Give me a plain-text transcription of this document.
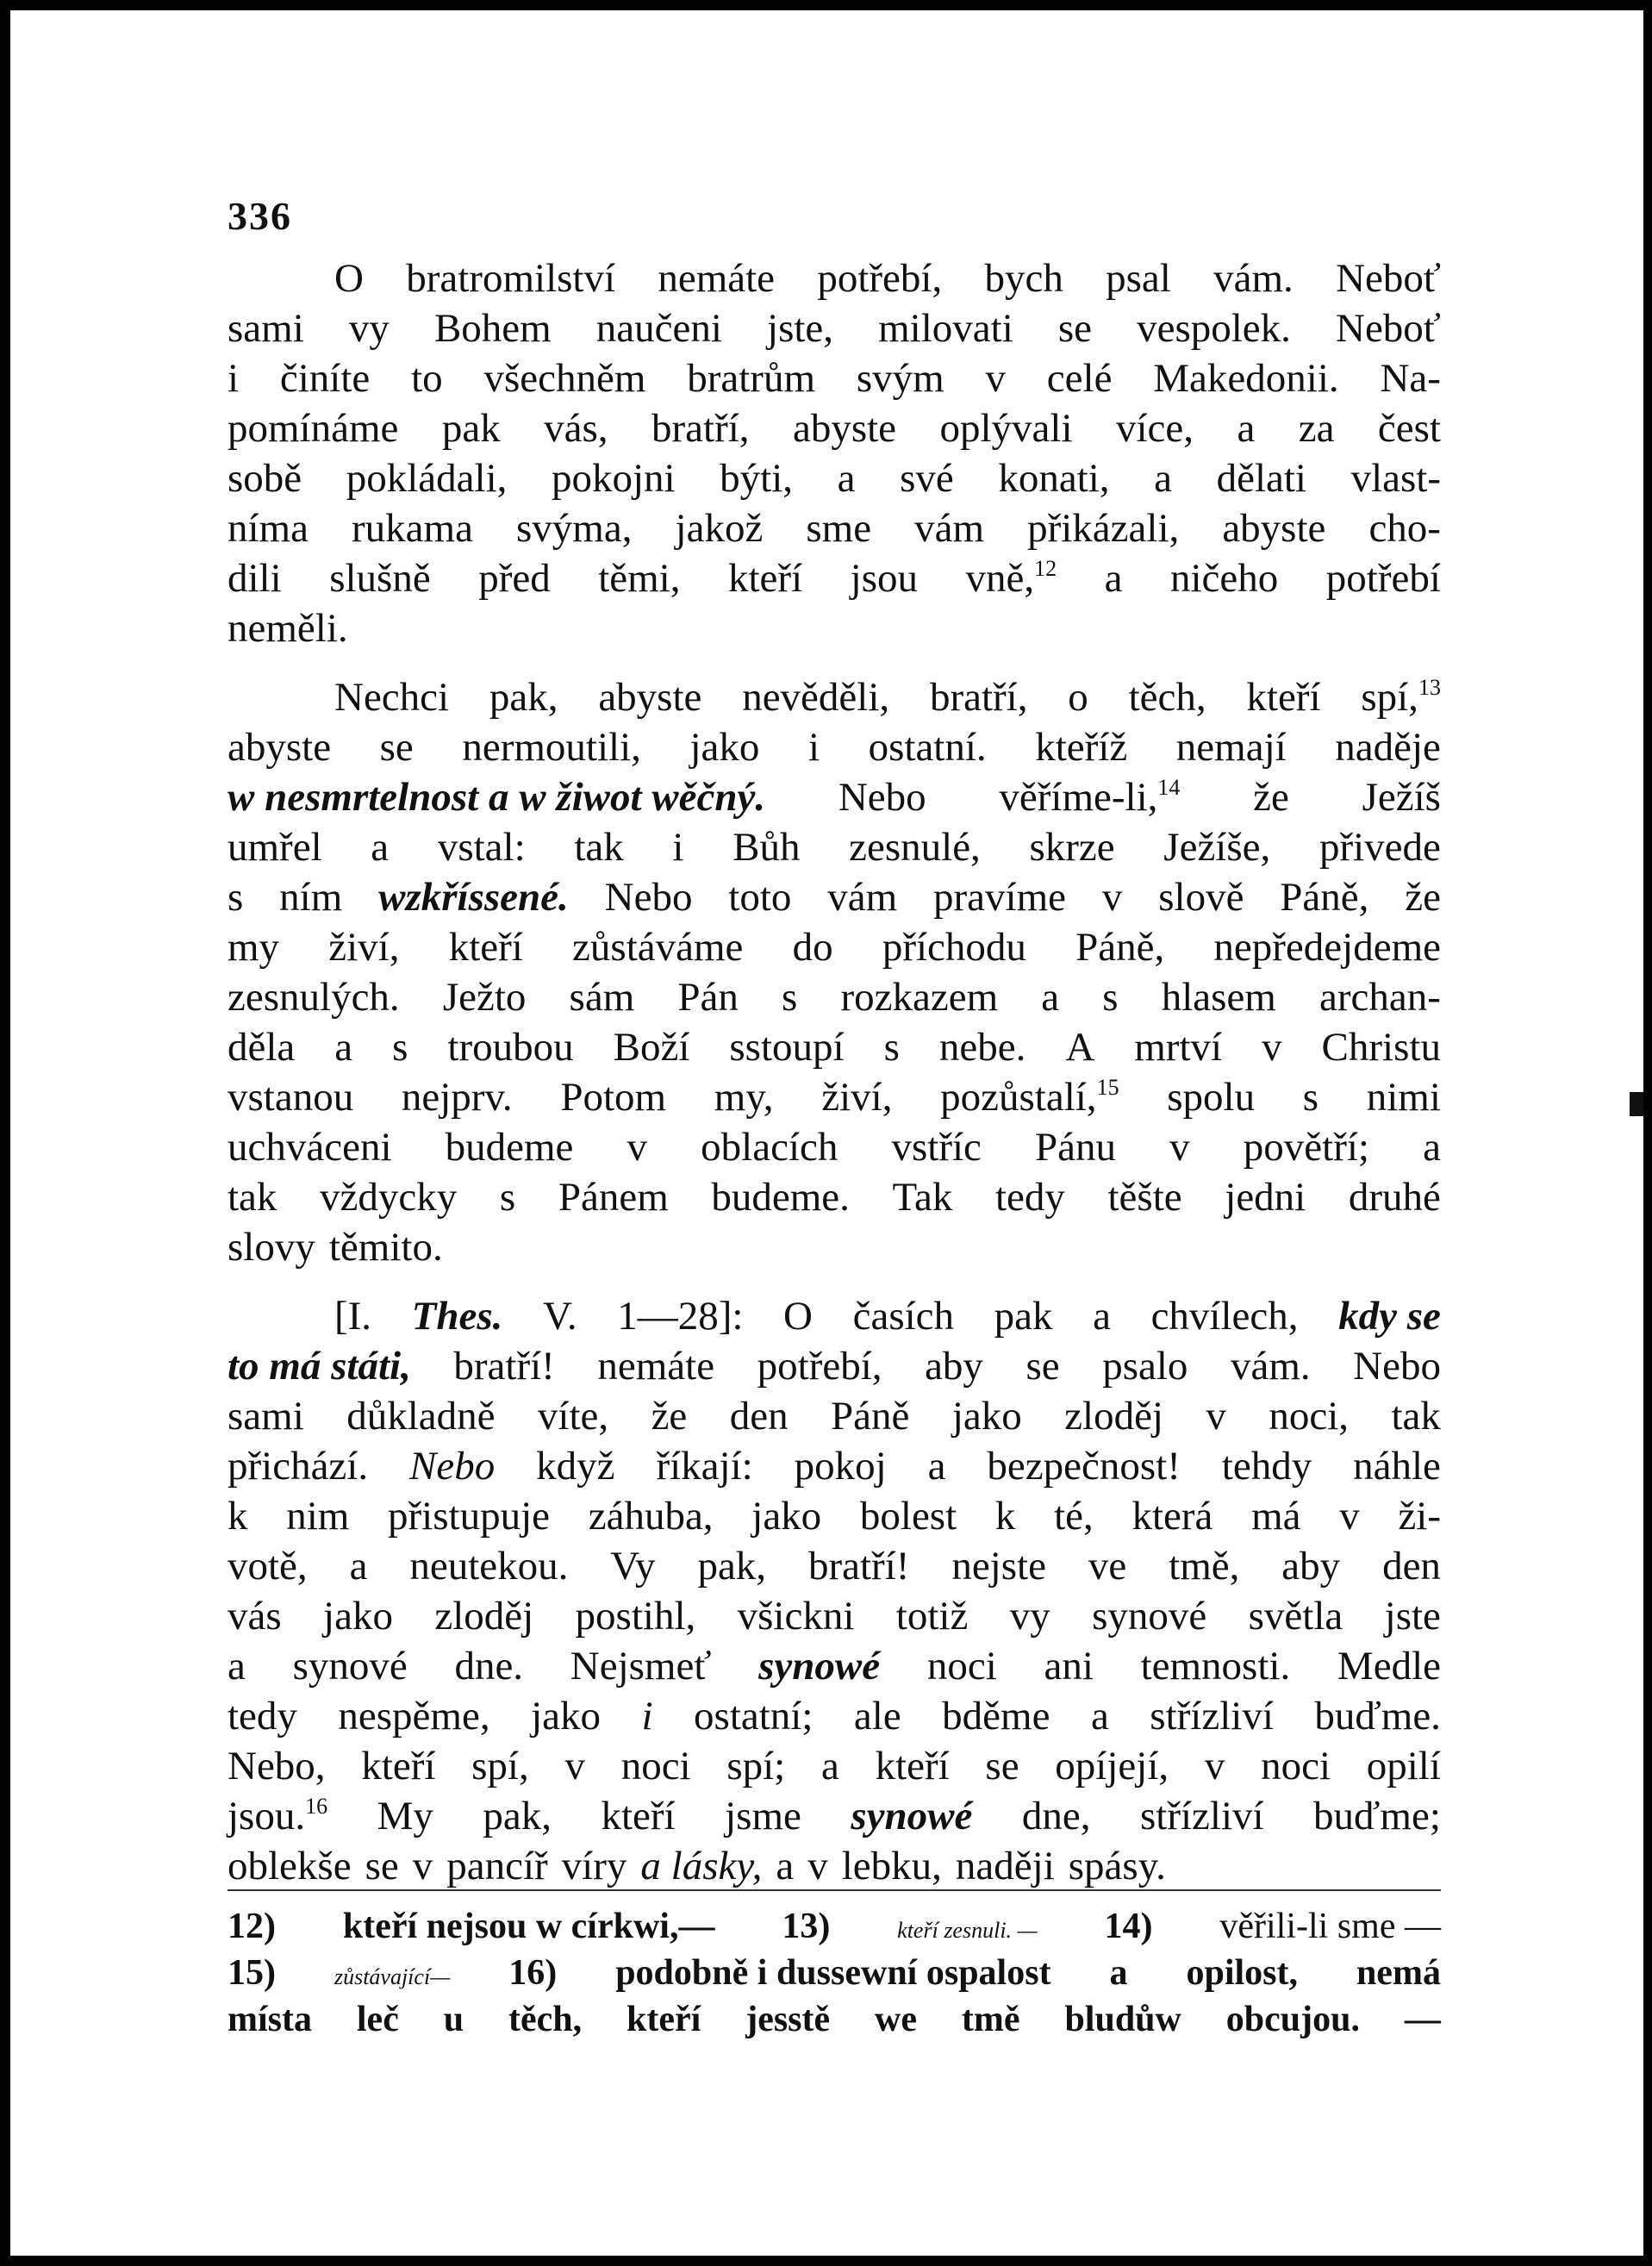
336
O bratromilství nemáte potřebí, bych psal vám. Neboť
sami vy Bohem naučeni jste, milovati se vespolek. Neboť
i činíte to všechněm bratrům svým v celé Makedonii. Na-
pomínáme pak vás, bratří, abyste oplývali více, a za čest
sobě pokládali, pokojni býti, a své konati, a dělati vlast-
níma rukama svýma, jakož sme vám přikázali, abyste cho-
dili slušně před těmi, kteří jsou vně,$^{12}$ a ničeho potřebí
neměli.
Nechci pak, abyste nevěděli, bratří, o těch, kteří spí,$^{13}$
abyste se nermoutili, jako i ostatní. kteříž nemají naděje
w nesmrtelnost a w žiwot wěčný. Nebo věříme-li,$^{14}$ že Ježíš
umřel a vstal: tak i Bůh zesnulé, skrze Ježíše, přivede
s ním wzkříssené. Nebo toto vám pravíme v slově Páně, že
my živí, kteří zůstáváme do příchodu Páně, nepředejdeme
zesnulých. Ježto sám Pán s rozkazem a s hlasem archan-
děla a s troubou Boží sstoupí s nebe. A mrtví v Christu
vstanou nejprv. Potom my, živí, pozůstalí,$^{15}$ spolu s nimi
uchváceni budeme v oblacích vstříc Pánu v povětří; a
tak vždycky s Pánem budeme. Tak tedy těšte jedni druhé
slovy těmito.
[I. Thes. V. 1—28]: O časích pak a chvílech, kdy se
to má státi, bratří! nemáte potřebí, aby se psalo vám. Nebo
sami důkladně víte, že den Páně jako zloděj v noci, tak
přichází. Nebo když říkají: pokoj a bezpečnost! tehdy náhle
k nim přistupuje záhuba, jako bolest k té, která má v ži-
votě, a neutekou. Vy pak, bratří! nejste ve tmě, aby den
vás jako zloděj postihl, všickni totiž vy synové světla jste
a synové dne. Nejsmeť synowé noci ani temnosti. Medle
tedy nespěme, jako i ostatní; ale bděme a střízliví buďme.
Nebo, kteří spí, v noci spí; a kteří se opíjejí, v noci opilí
jsou.$^{16}$ My pak, kteří jsme synowé dne, střízliví buďme;
oblekše se v pancíř víry a lásky, a v lebku, naději spásy.
12) kteří nejsou w církwi,— 13)	kteří zesnuli. — 14) věřili-li sme —
15)	zůstávající— 16) podobně i dussewní ospalost a opilost, nemá
místa leč u těch, kteří jesstě we tmě bludůw obcujou. —
